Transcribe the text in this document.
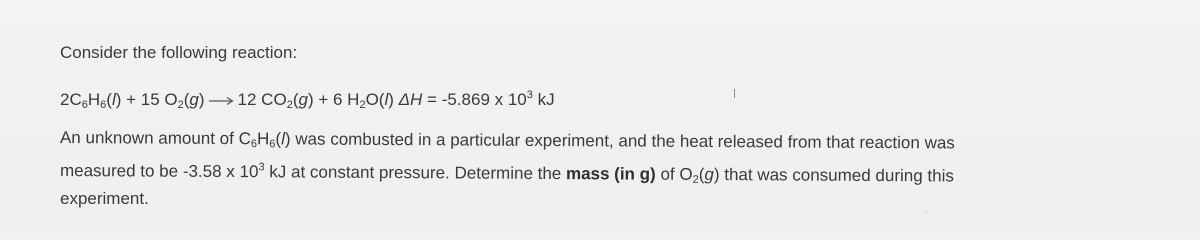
Consider the following reaction:
$2C_6H_6(l) + 15$ $O_2(g) \to 12$ $CO_2(g) + 6$ $H_2O(l) \Delta H = -5.869$ x $10^3$ kJ
An unknown amount of $C_6H_6(l)$ was combusted in a particular experiment, and the heat released from that reaction was
measured to be -3.58 x $10^3$ kJ at constant pressure. Determine the mass (in g) of $O_2(g)$ that was consumed during this
experiment.
